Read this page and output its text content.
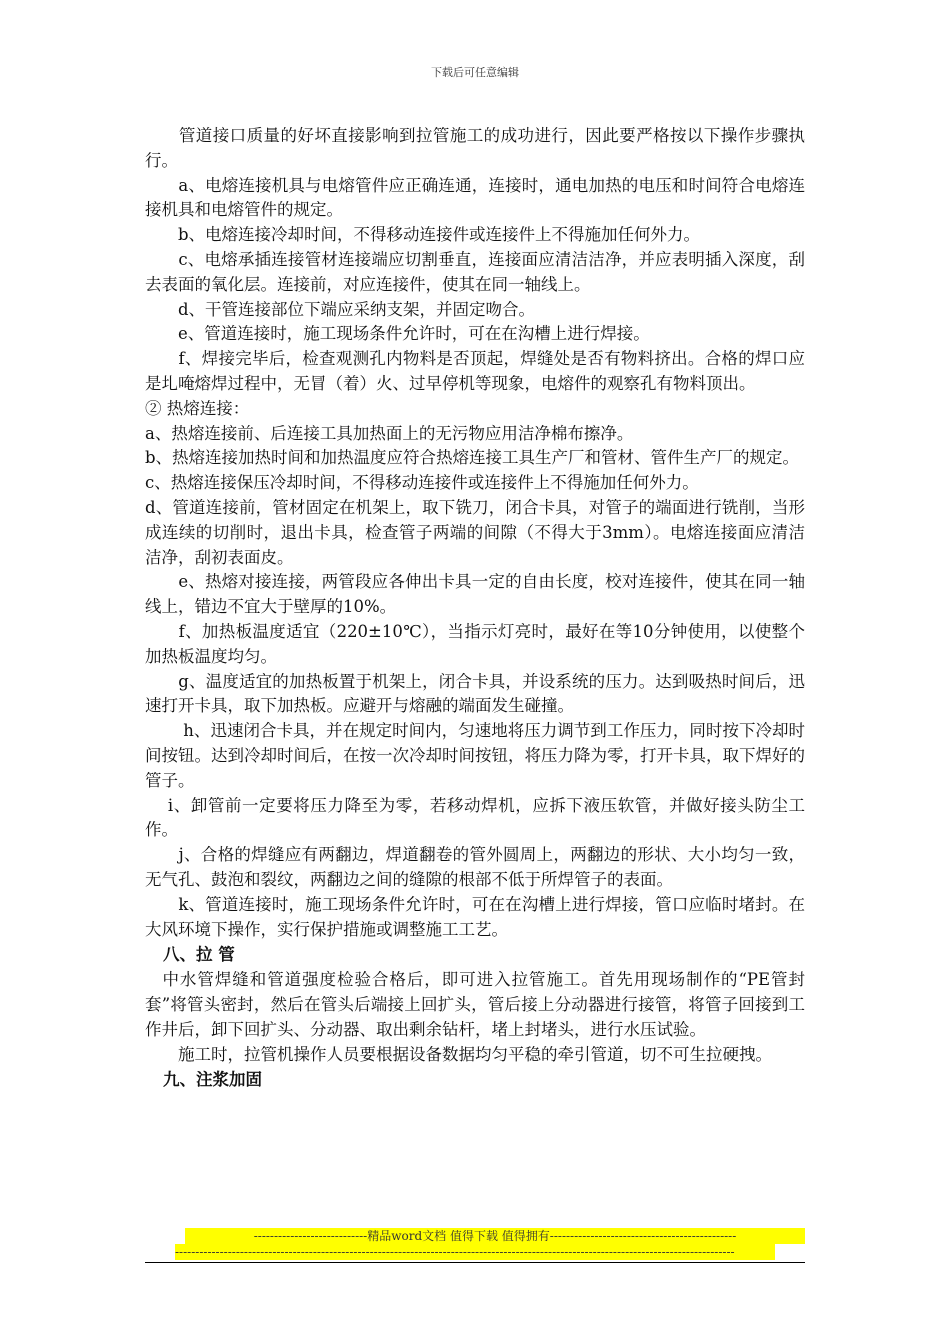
下载后可任意编辑

　　管道接口质量的好坏直接影响到拉管施工的成功进行，因此要严格按以下操作步骤执行。

　　a、电熔连接机具与电熔管件应正确连通，连接时，通电加热的电压和时间符合电熔连接机具和电熔管件的规定。

　　b、电熔连接冷却时间，不得移动连接件或连接件上不得施加任何外力。

　　c、电熔承插连接管材连接端应切割垂直，连接面应清洁洁净，并应表明插入深度，刮去表面的氧化层。连接前，对应连接件，使其在同一轴线上。

　　d、干管连接部位下端应采纳支架，并固定吻合。

　　e、管道连接时，施工现场条件允许时，可在在沟槽上进行焊接。

　　f、焊接完毕后，检查观测孔内物料是否顶起，焊缝处是否有物料挤出。合格的焊口应是圠唵熔焊过程中，无冒（着）火、过早停机等现象，电熔件的观察孔有物料顶出。

② 热熔连接：

a、热熔连接前、后连接工具加热面上的无污物应用洁净棉布擦净。

b、热熔连接加热时间和加热温度应符合热熔连接工具生产厂和管材、管件生产厂的规定。

c、热熔连接保压冷却时间，不得移动连接件或连接件上不得施加任何外力。

d、管道连接前，管材固定在机架上，取下铣刀，闭合卡具，对管子的端面进行铣削，当形成连续的切削时，退出卡具，检查管子两端的间隙（不得大于3mm）。电熔连接面应清洁洁净，刮初表面皮。

　　e、热熔对接连接，两管段应各伸出卡具一定的自由长度，校对连接件，使其在同一轴线上，错边不宜大于壁厚的10%。

　　f、加热板温度适宜（220±10℃），当指示灯亮时，最好在等10分钟使用，以使整个加热板温度均匀。

　　g、温度适宜的加热板置于机架上，闭合卡具，并设系统的压力。达到吸热时间后，迅速打开卡具，取下加热板。应避开与熔融的端面发生碰撞。

　　 h、迅速闭合卡具，并在规定时间内，匀速地将压力调节到工作压力，同时按下冷却时间按钮。达到冷却时间后，在按一次冷却时间按钮，将压力降为零，打开卡具，取下焊好的管子。

　 i、卸管前一定要将压力降至为零，若移动焊机，应拆下液压软管，并做好接头防尘工作。

　　j、合格的焊缝应有两翻边，焊道翻卷的管外圆周上，两翻边的形状、大小均匀一致，无气孔、鼓泡和裂纹，两翻边之间的缝隙的根部不低于所焊管子的表面。

　　k、管道连接时，施工现场条件允许时，可在在沟槽上进行焊接，管口应临时堵封。在大风环境下操作，实行保护措施或调整施工工艺。

八、拉 管

　中水管焊缝和管道强度检验合格后，即可进入拉管施工。首先用现场制作的“PE管封套”将管头密封，然后在管头后端接上回扩头，管后接上分动器进行接管，将管子回接到工作井后，卸下回扩头、分动器、取出剩余钻杆，堵上封堵头，进行水压试验。

　　施工时，拉管机操作人员要根据设备数据均匀平稳的牵引管道，切不可生拉硬拽。

九、注浆加固

----------------------------精品word文档 值得下载 值得拥有----------------------------------------------
------------------------------------------------------------------------------------------------------------------------------------------
